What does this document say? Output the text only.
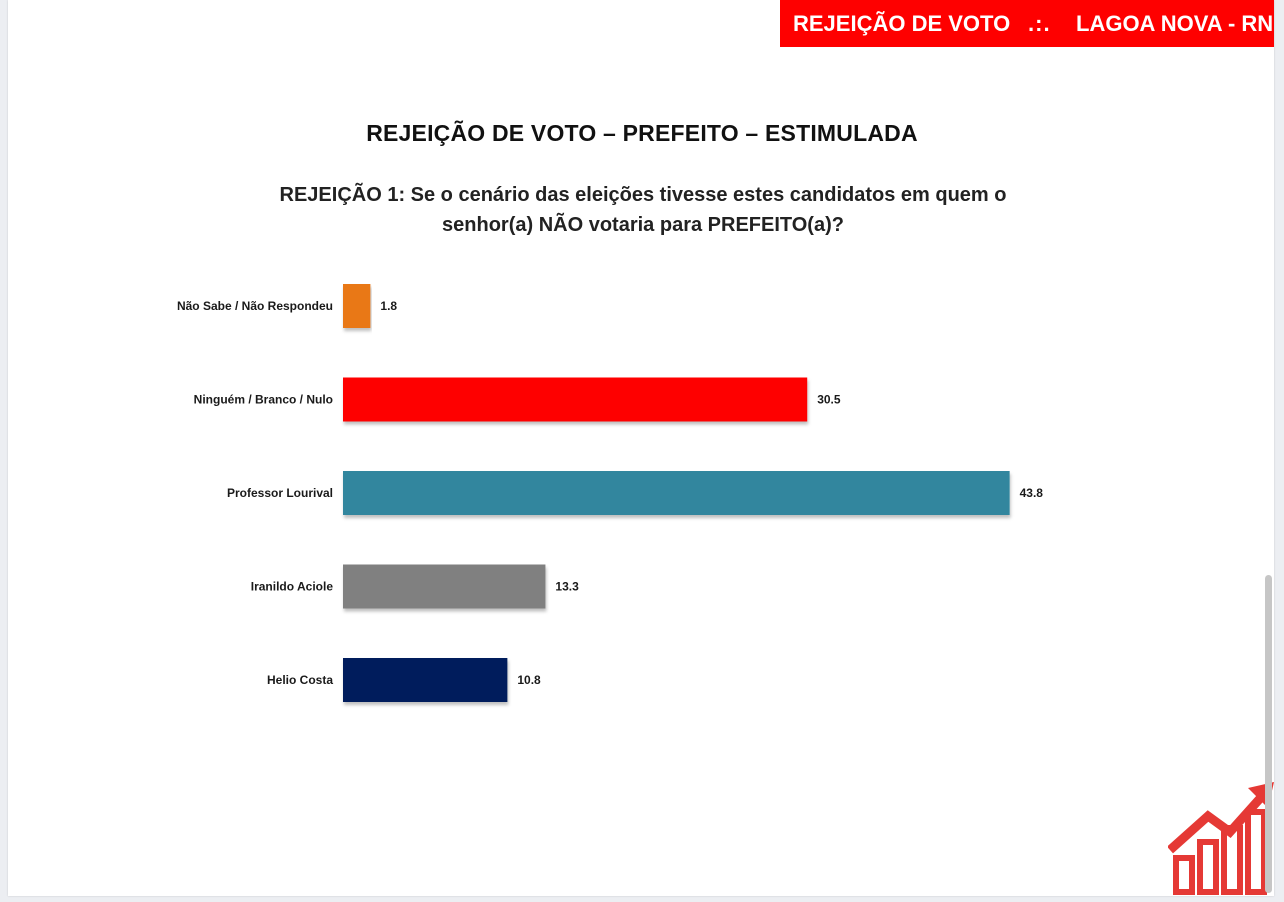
REJEIÇÃO DE VOTO .:. LAGOA NOVA - RN
REJEIÇÃO DE VOTO – PREFEITO – ESTIMULADA
REJEIÇÃO 1: Se o cenário das eleições tivesse estes candidatos em quem o
senhor(a) NÃO votaria para PREFEITO(a)?
Não Sabe / Não Respondeu	1.8
Ninguém / Branco / Nulo	30.5
Professor Lourival	43.8
Iranildo Aciole	13.3
Helio Costa	10.8
